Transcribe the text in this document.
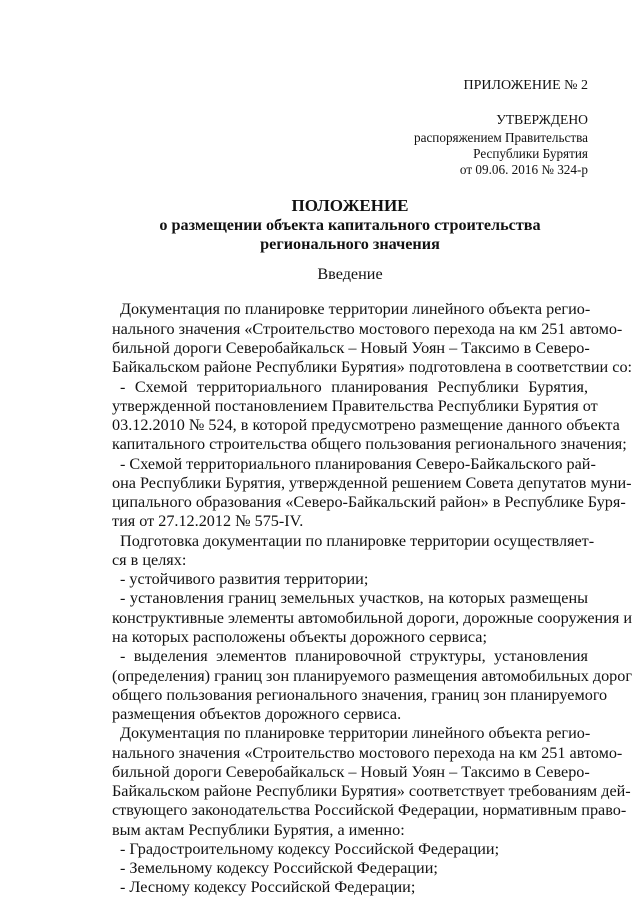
ПРИЛОЖЕНИЕ № 2
УТВЕРЖДЕНО
распоряжением Правительства
Республики Бурятия
от 09.06. 2016 № 324-р
ПОЛОЖЕНИЕ
о размещении объекта капитального строительства
регионального значения
Введение
Документация по планировке территории линейного объекта регио-
нального значения «Строительство мостового перехода на км 251 автомо-
бильной дороги Северобайкальск – Новый Уоян – Таксимо в Северо-
Байкальском районе Республики Бурятия» подготовлена в соответствии со:
- Схемой территориального планирования Республики Бурятия,
утвержденной постановлением Правительства Республики Бурятия от
03.12.2010 № 524, в которой предусмотрено размещение данного объекта
капитального строительства общего пользования регионального значения;
- Схемой территориального планирования Северо-Байкальского рай-
она Республики Бурятия, утвержденной решением Совета депутатов муни-
ципального образования «Северо-Байкальский район» в Республике Буря-
тия от 27.12.2012 № 575-IV.
Подготовка документации по планировке территории осуществляет-
ся в целях:
- устойчивого развития территории;
- установления границ земельных участков, на которых размещены
конструктивные элементы автомобильной дороги, дорожные сооружения и
на которых расположены объекты дорожного сервиса;
- выделения элементов планировочной структуры, установления
(определения) границ зон планируемого размещения автомобильных дорог
общего пользования регионального значения, границ зон планируемого
размещения объектов дорожного сервиса.
Документация по планировке территории линейного объекта регио-
нального значения «Строительство мостового перехода на км 251 автомо-
бильной дороги Северобайкальск – Новый Уоян – Таксимо в Северо-
Байкальском районе Республики Бурятия» соответствует требованиям дей-
ствующего законодательства Российской Федерации, нормативным право-
вым актам Республики Бурятия, а именно:
- Градостроительному кодексу Российской Федерации;
- Земельному кодексу Российской Федерации;
- Лесному кодексу Российской Федерации;
